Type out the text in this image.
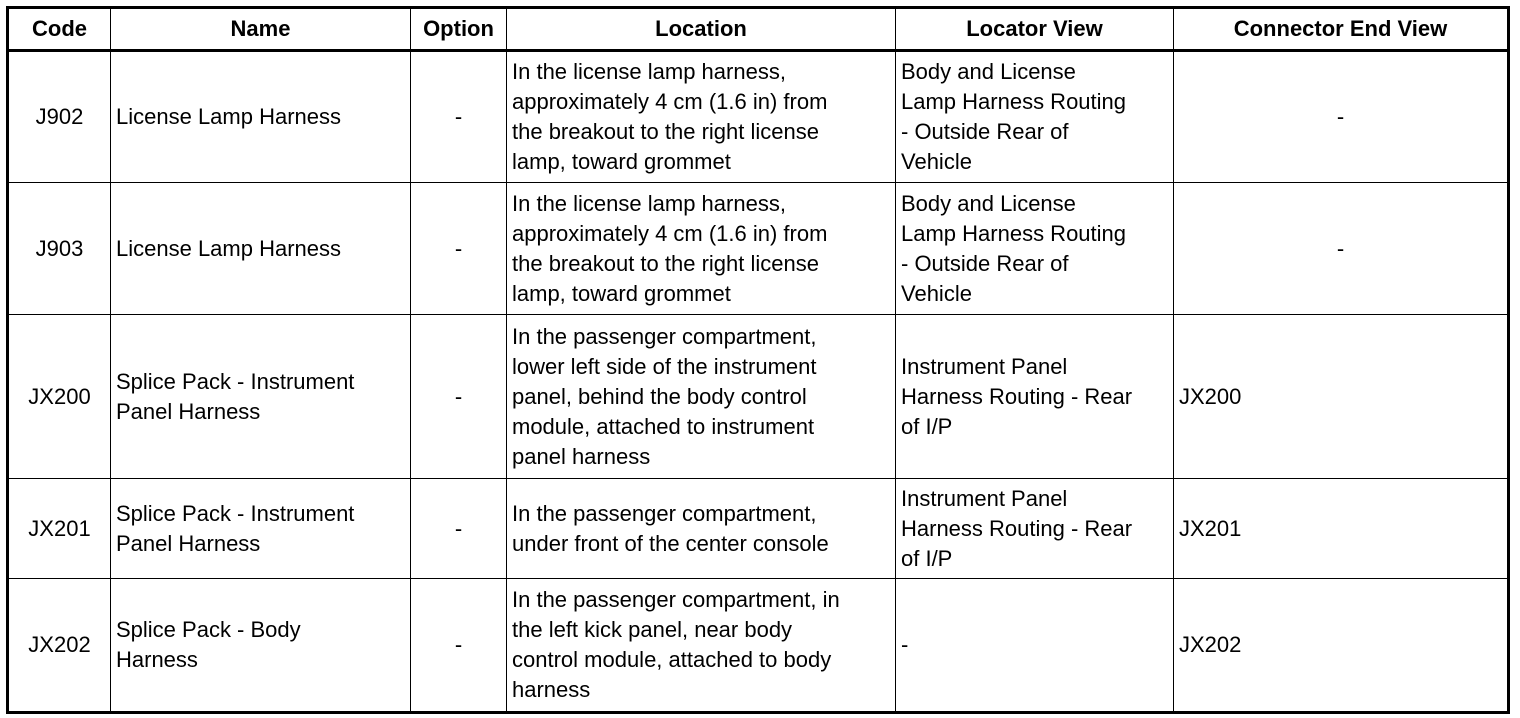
Code	Name	Option	Location	Locator View	Connector End View
J902	License Lamp Harness	-	In the license lamp harness,
approximately 4 cm (1.6 in) from
the breakout to the right license
lamp, toward grommet	Body and License
Lamp Harness Routing
- Outside Rear of
Vehicle	-
J903	License Lamp Harness	-	In the license lamp harness,
approximately 4 cm (1.6 in) from
the breakout to the right license
lamp, toward grommet	Body and License
Lamp Harness Routing
- Outside Rear of
Vehicle	-
JX200	Splice Pack - Instrument
Panel Harness	-	In the passenger compartment,
lower left side of the instrument
panel, behind the body control
module, attached to instrument
panel harness	Instrument Panel
Harness Routing - Rear
of I/P	JX200
JX201	Splice Pack - Instrument
Panel Harness	-	In the passenger compartment,
under front of the center console	Instrument Panel
Harness Routing - Rear
of I/P	JX201
JX202	Splice Pack - Body
Harness	-	In the passenger compartment, in
the left kick panel, near body
control module, attached to body
harness	-	JX202
